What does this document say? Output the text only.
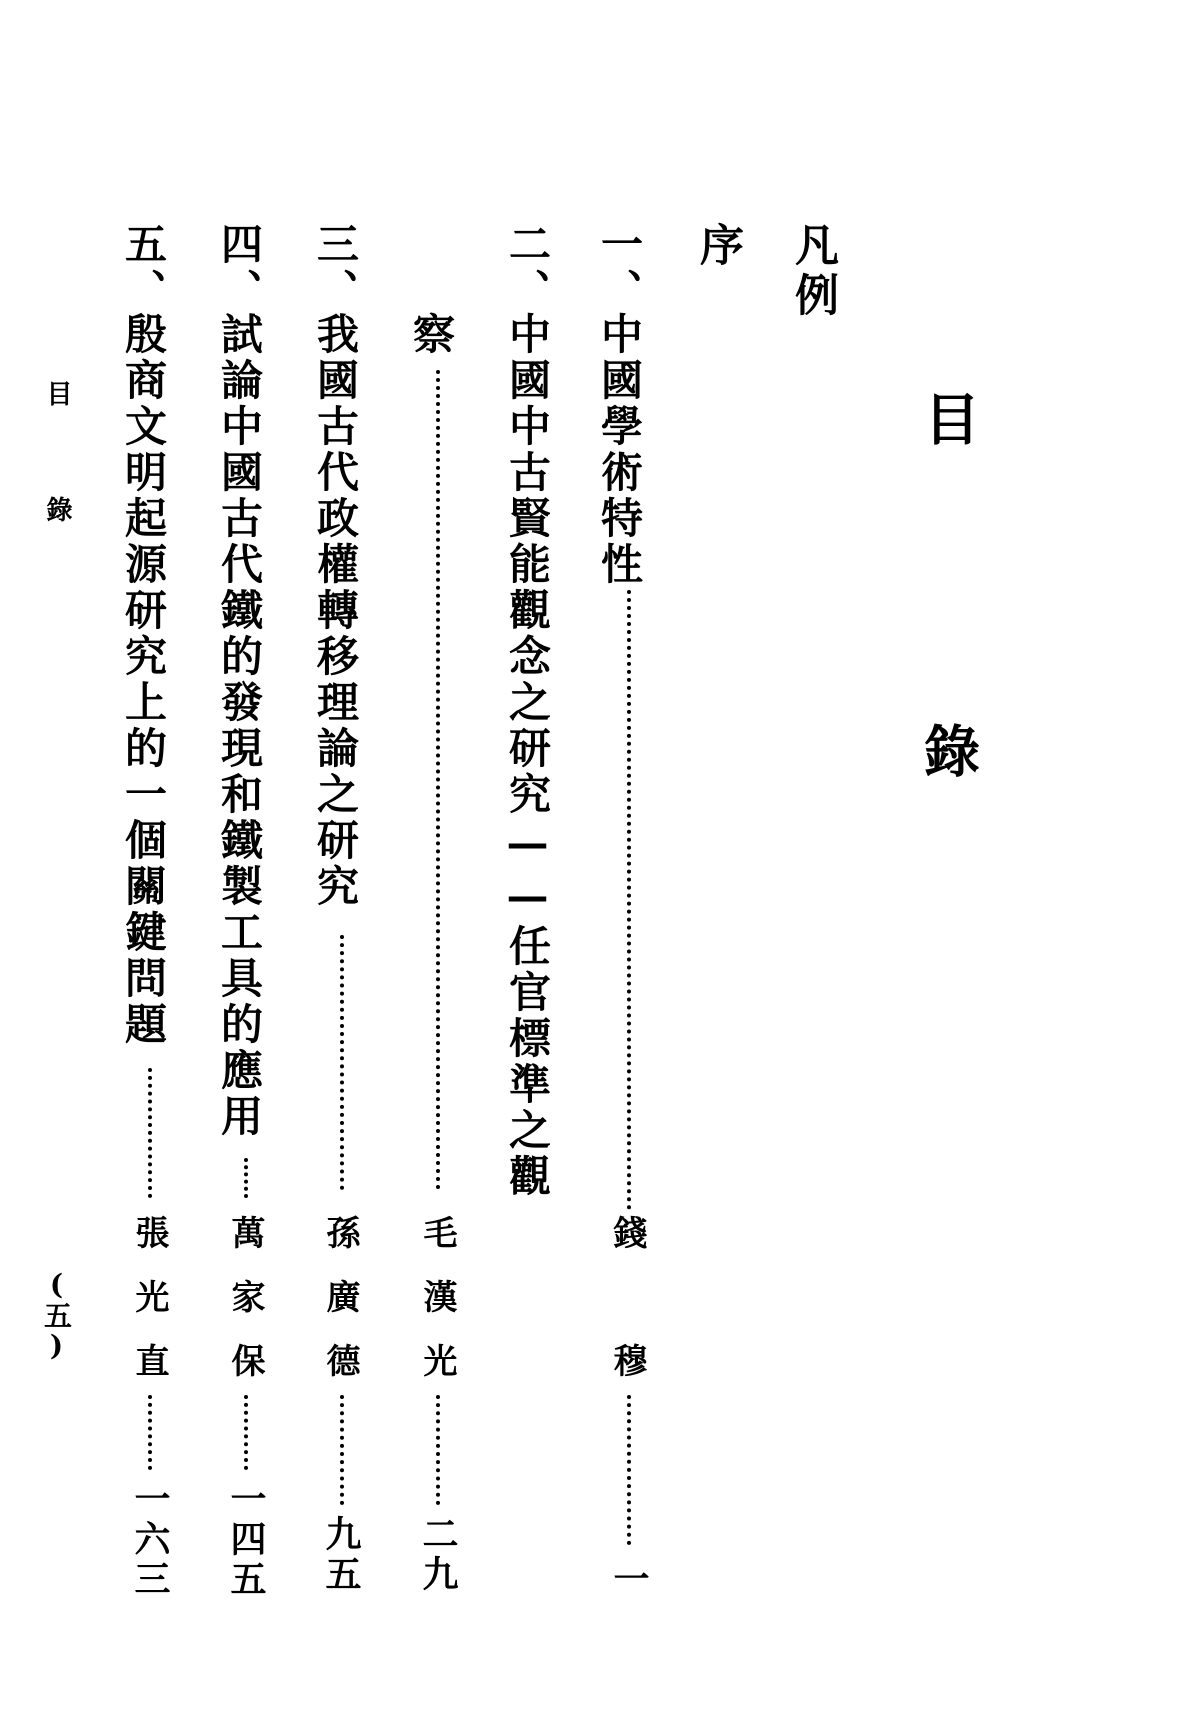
目　錄
凡例
序
一、
中國學術特性
錢　穆
一
二、
中國中古賢能觀念之研究——任官標準之觀
察
毛漢光
二九
三、
我國古代政權轉移理論之研究
孫廣德
九五
四、
試論中國古代鐵的發現和鐵製工具的應用
萬家保
一四五
五、
殷商文明起源研究上的一個關鍵問題
張光直
一六三
目錄
(五)
